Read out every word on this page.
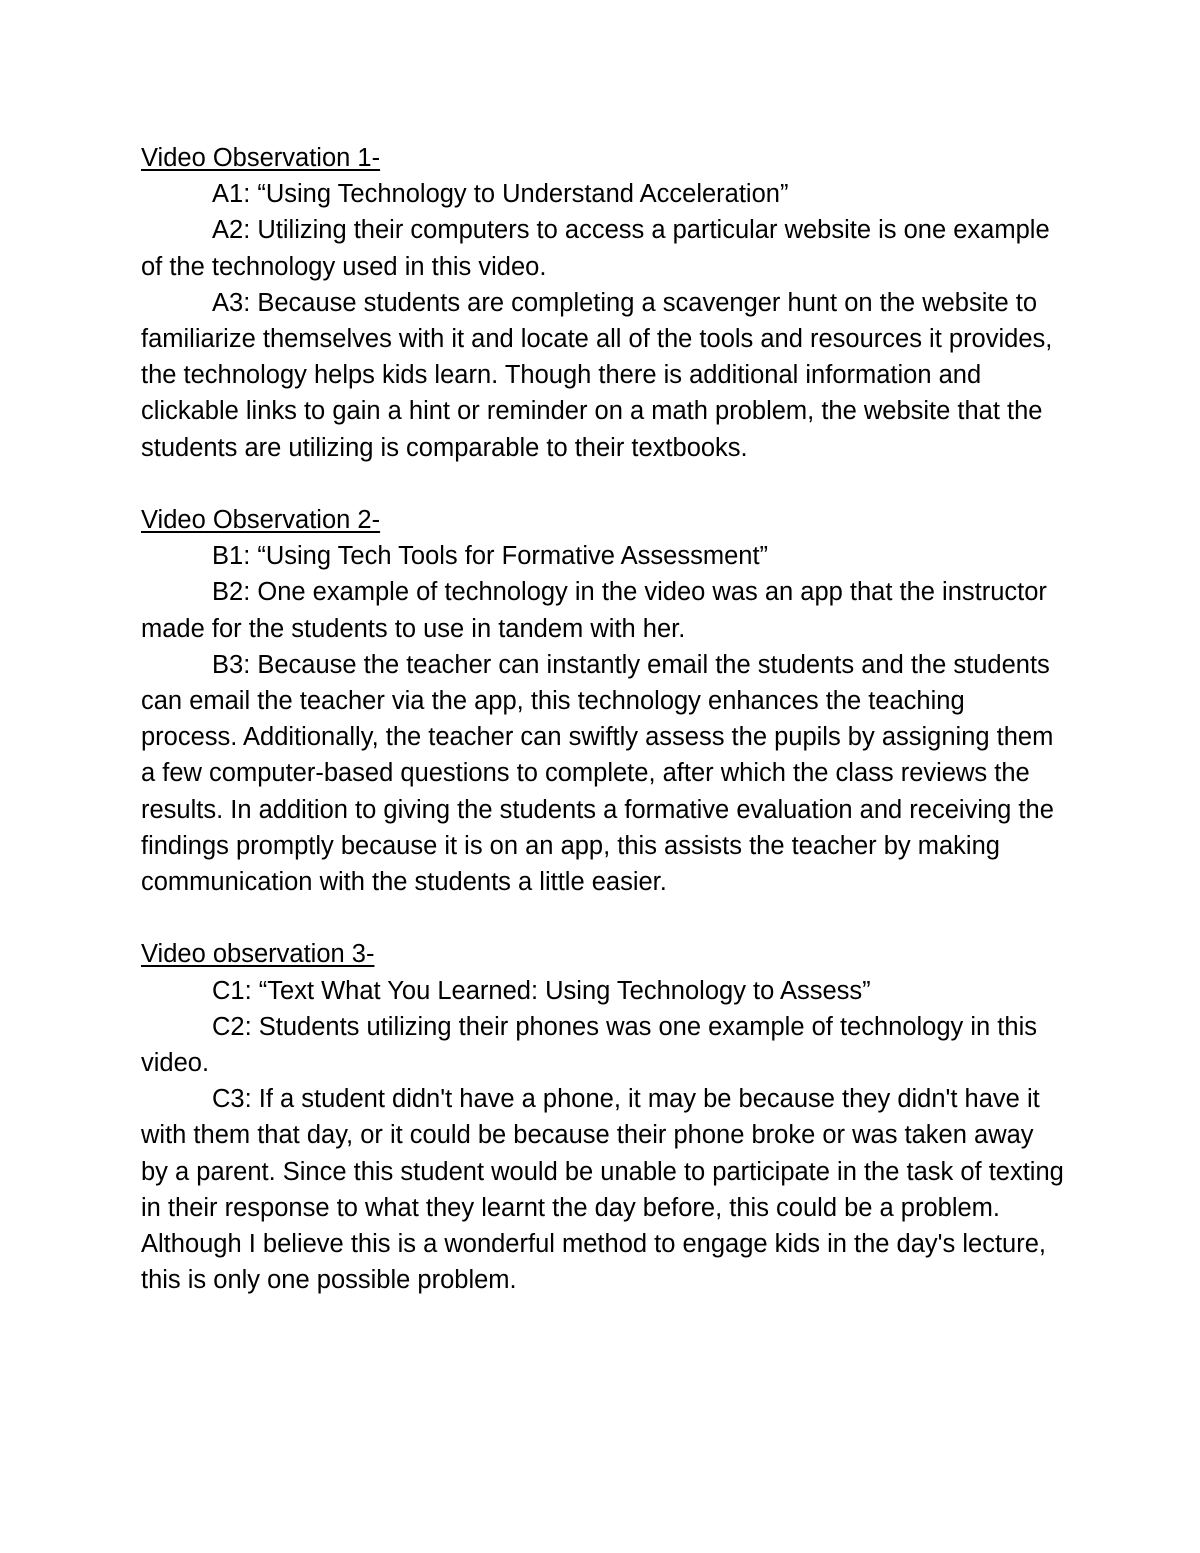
Video Observation 1-

A1: “Using Technology to Understand Acceleration”

A2: Utilizing their computers to access a particular website is one example of the technology used in this video.

A3: Because students are completing a scavenger hunt on the website to familiarize themselves with it and locate all of the tools and resources it provides, the technology helps kids learn. Though there is additional information and clickable links to gain a hint or reminder on a math problem, the website that the students are utilizing is comparable to their textbooks.

Video Observation 2-

B1: “Using Tech Tools for Formative Assessment”

B2: One example of technology in the video was an app that the instructor made for the students to use in tandem with her.

B3: Because the teacher can instantly email the students and the students can email the teacher via the app, this technology enhances the teaching process. Additionally, the teacher can swiftly assess the pupils by assigning them a few computer-based questions to complete, after which the class reviews the results. In addition to giving the students a formative evaluation and receiving the findings promptly because it is on an app, this assists the teacher by making communication with the students a little easier.

Video observation 3-

C1: “Text What You Learned: Using Technology to Assess”

C2: Students utilizing their phones was one example of technology in this video.

C3: If a student didn't have a phone, it may be because they didn't have it with them that day, or it could be because their phone broke or was taken away by a parent. Since this student would be unable to participate in the task of texting in their response to what they learnt the day before, this could be a problem. Although I believe this is a wonderful method to engage kids in the day's lecture, this is only one possible problem.
